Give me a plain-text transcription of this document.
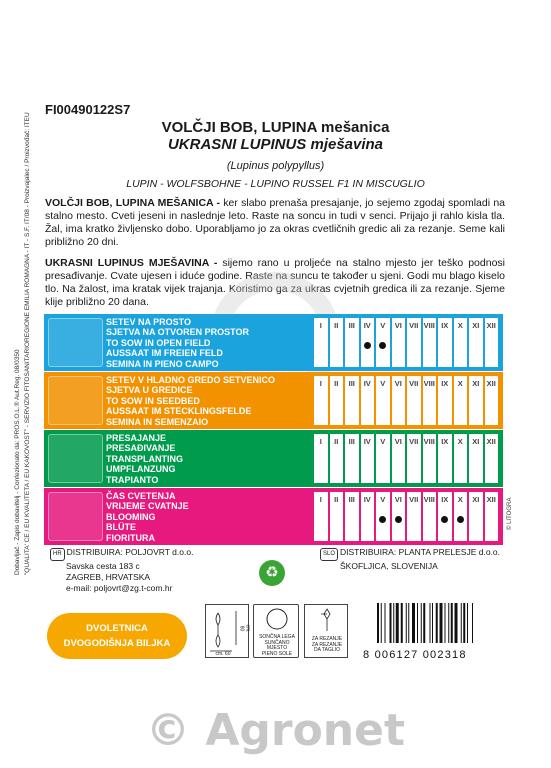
FI00490122S7
VOLČJI BOB, LUPINA mešanica
UKRASNI LUPINUS mješavina
(Lupinus polypyllus)
LUPIN - WOLFSBOHNE - LUPINO RUSSEL F1 IN MISCUGLIO
VOLČJI BOB, LUPINA MEŠANICA - ker slabo prenaša presajanje, jo sejemo zgodaj spomladi na stalno mesto. Cveti jeseni in naslednje leto. Raste na soncu in tudi v senci. Prijajo ji rahlo kisla tla. Žal, ima kratko življensko dobo. Uporabljamo jo za okras cvetličnih gredic ali za rezanje. Seme kali približno 20 dni.
UKRASNI LUPINUS MJEŠAVINA - sijemo rano u proljeće na stalno mjesto jer teško podnosi presađivanje. Cvate ujesen i iduće godine. Raste na suncu te također u sjeni. Godi mu blago kiselo tlo. Na žalost, ima kratak vijek trajanja. Koristimo ga za ukras cvjetnih gredica ili za rezanje. Sjeme klije približno 20 dana.
Dobavljač - Zapis dobavitelj - Confezionato da: PROS.O.L.® Aut.Reg. 08/0350 "QUALITA' CE / EU KVALITETA / EU KAKOVOST" - SERVIZIO FITOSANITARIOREGIONE EMILIA ROMAGNA - IT - S.F. IT/08 - Proizvajalec / Proizvođač: ITEU	© LITOGRA
SETEV NA PROSTO
SJETVA NA OTVOREN PROSTOR
TO SOW IN OPEN FIELD
AUSSAAT IM FREIEN FELD
SEMINA IN PIENO CAMPO
I	II	III	IV	V	VI VII VIII IX	X	XI XII
SETEV V HLADNO GREDO SETVENICO
SJETVA U GREDICE
TO SOW IN SEEDBED
AUSSAAT IM STECKLINGSFELDE
SEMINA IN SEMENZAIO
I	II	III	IV	V	VI VII VIII IX	X	XI XII
PRESAJANJE
PRESAĐIVANJE
TRANSPLANTING
UMPFLANZUNG
TRAPIANTO
I	II	III	IV	V	VI VII VIII IX	X	XI XII
ČAS CVETENJA
VRIJEME CVATNJE
BLOOMING
BLÜTE
FIORITURA
I	II	III	IV	V	VI VII VIII IX	X	XI XII
HR DISTRIBUIRA: POLJOVRT d.o.o.
Savska cesta 183 c
ZAGREB, HRVATSKA
e-mail: poljovrt@zg.t-com.hr
♻
SLO DISTRIBUIRA: PLANTA PRELESJE d.o.o.
ŠKOFLJICA, SLOVENIJA
DVOLETNICA
DVOGODIŠNJA BILJKA
cm. 80
cm. 60
SONČNA LEGA
SUNČANO MJESTO
PIENO SOLE
ZA REZANJE
ZA REZANJE
DA TAGLIO	8 006127 002318
© Agronet
